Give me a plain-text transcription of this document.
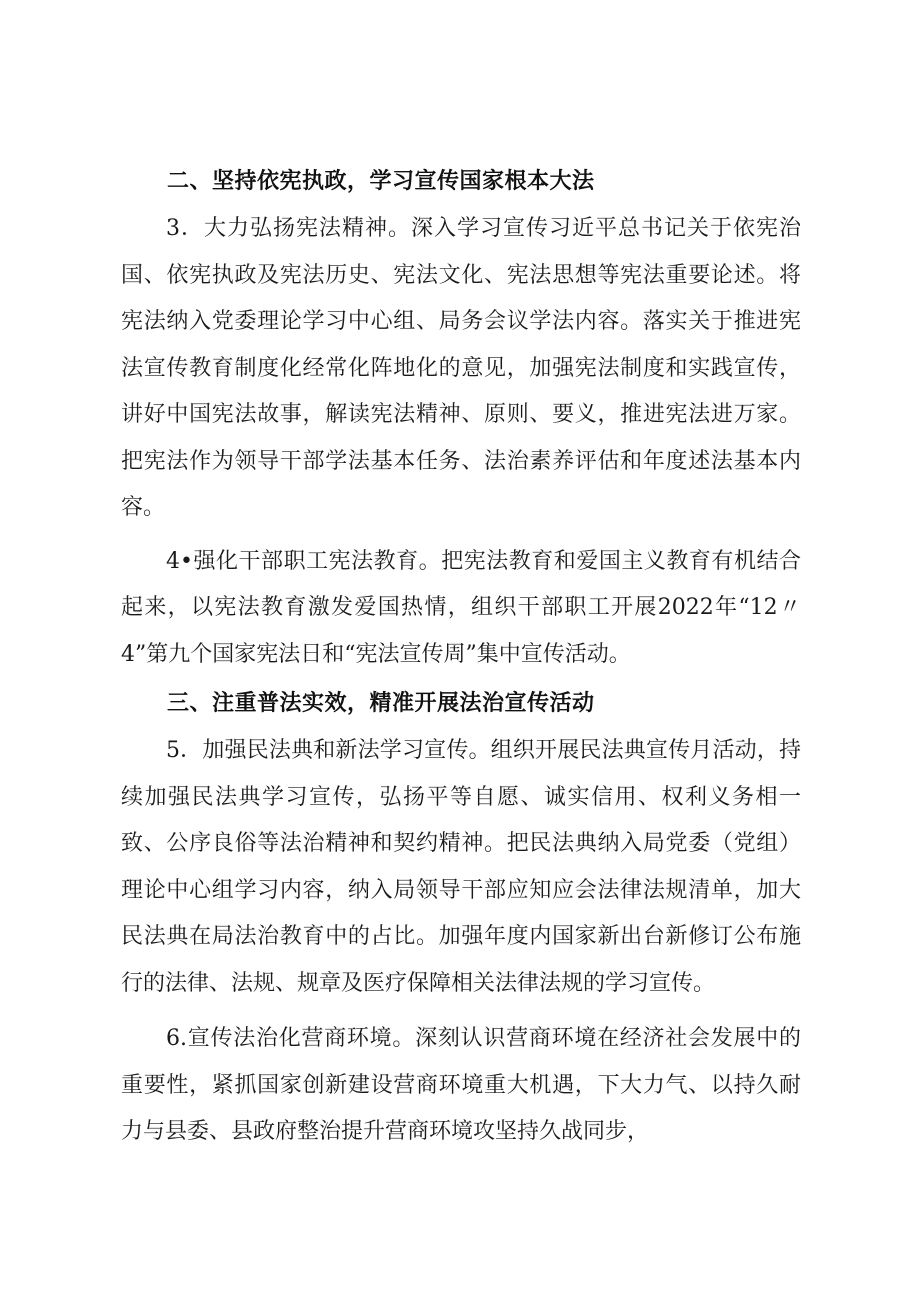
二、坚持依宪执政，学习宣传国家根本大法

3．大力弘扬宪法精神。深入学习宣传习近平总书记关于依宪治国、依宪执政及宪法历史、宪法文化、宪法思想等宪法重要论述。将宪法纳入党委理论学习中心组、局务会议学法内容。落实关于推进宪法宣传教育制度化经常化阵地化的意见，加强宪法制度和实践宣传，讲好中国宪法故事，解读宪法精神、原则、要义，推进宪法进万家。把宪法作为领导干部学法基本任务、法治素养评估和年度述法基本内容。

4•强化干部职工宪法教育。把宪法教育和爱国主义教育有机结合起来，以宪法教育激发爱国热情，组织干部职工开展2022年“12〃4”第九个国家宪法日和“宪法宣传周”集中宣传活动。

三、注重普法实效，精准开展法治宣传活动

5．加强民法典和新法学习宣传。组织开展民法典宣传月活动，持续加强民法典学习宣传，弘扬平等自愿、诚实信用、权利义务相一致、公序良俗等法治精神和契约精神。把民法典纳入局党委（党组）理论中心组学习内容，纳入局领导干部应知应会法律法规清单，加大民法典在局法治教育中的占比。加强年度内国家新出台新修订公布施行的法律、法规、规章及医疗保障相关法律法规的学习宣传。

6.宣传法治化营商环境。深刻认识营商环境在经济社会发展中的重要性，紧抓国家创新建设营商环境重大机遇，下大力气、以持久耐力与县委、县政府整治提升营商环境攻坚持久战同步，
